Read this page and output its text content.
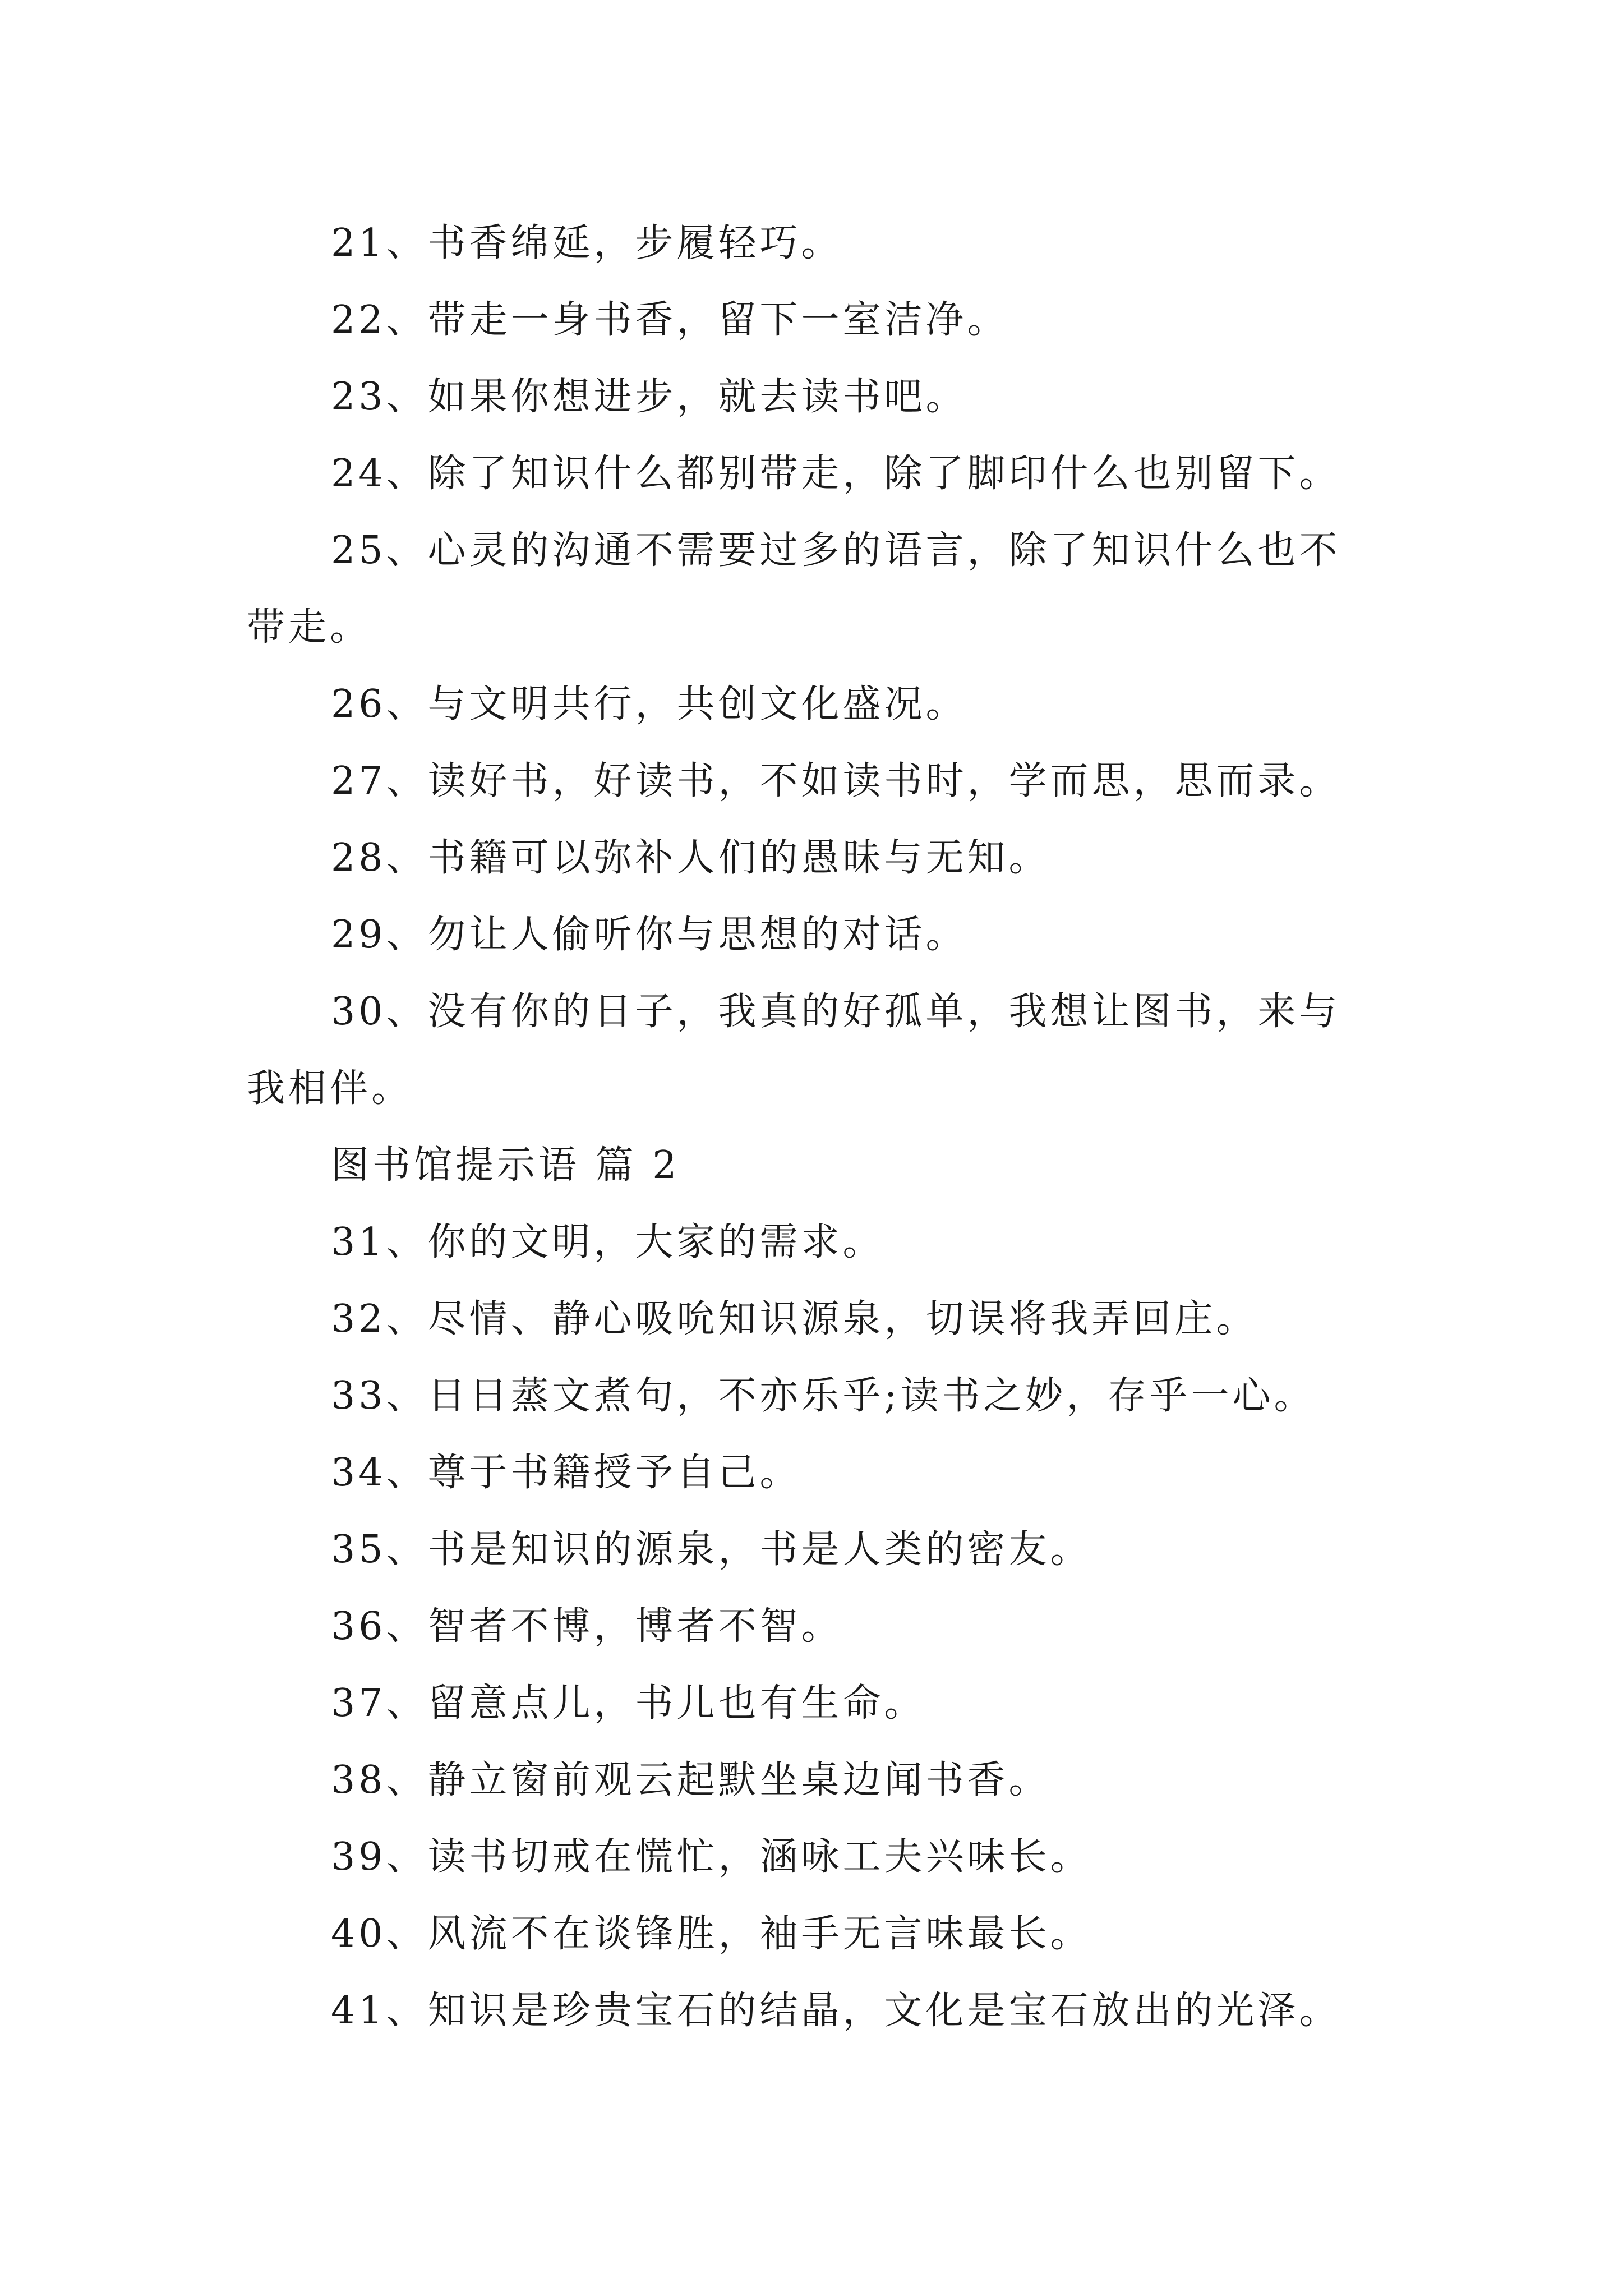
21、书香绵延，步履轻巧。
22、带走一身书香，留下一室洁净。
23、如果你想进步，就去读书吧。
24、除了知识什么都别带走，除了脚印什么也别留下。
25、心灵的沟通不需要过多的语言，除了知识什么也不
带走。
26、与文明共行，共创文化盛况。
27、读好书，好读书，不如读书时，学而思，思而录。
28、书籍可以弥补人们的愚昧与无知。
29、勿让人偷听你与思想的对话。
30、没有你的日子，我真的好孤单，我想让图书，来与
我相伴。
图书馆提示语 篇 2
31、你的文明，大家的需求。
32、尽情、静心吸吮知识源泉，切误将我弄回庄。
33、日日蒸文煮句，不亦乐乎;读书之妙，存乎一心。
34、尊于书籍授予自己。
35、书是知识的源泉，书是人类的密友。
36、智者不博，博者不智。
37、留意点儿，书儿也有生命。
38、静立窗前观云起默坐桌边闻书香。
39、读书切戒在慌忙，涵咏工夫兴味长。
40、风流不在谈锋胜，袖手无言味最长。
41、知识是珍贵宝石的结晶，文化是宝石放出的光泽。
